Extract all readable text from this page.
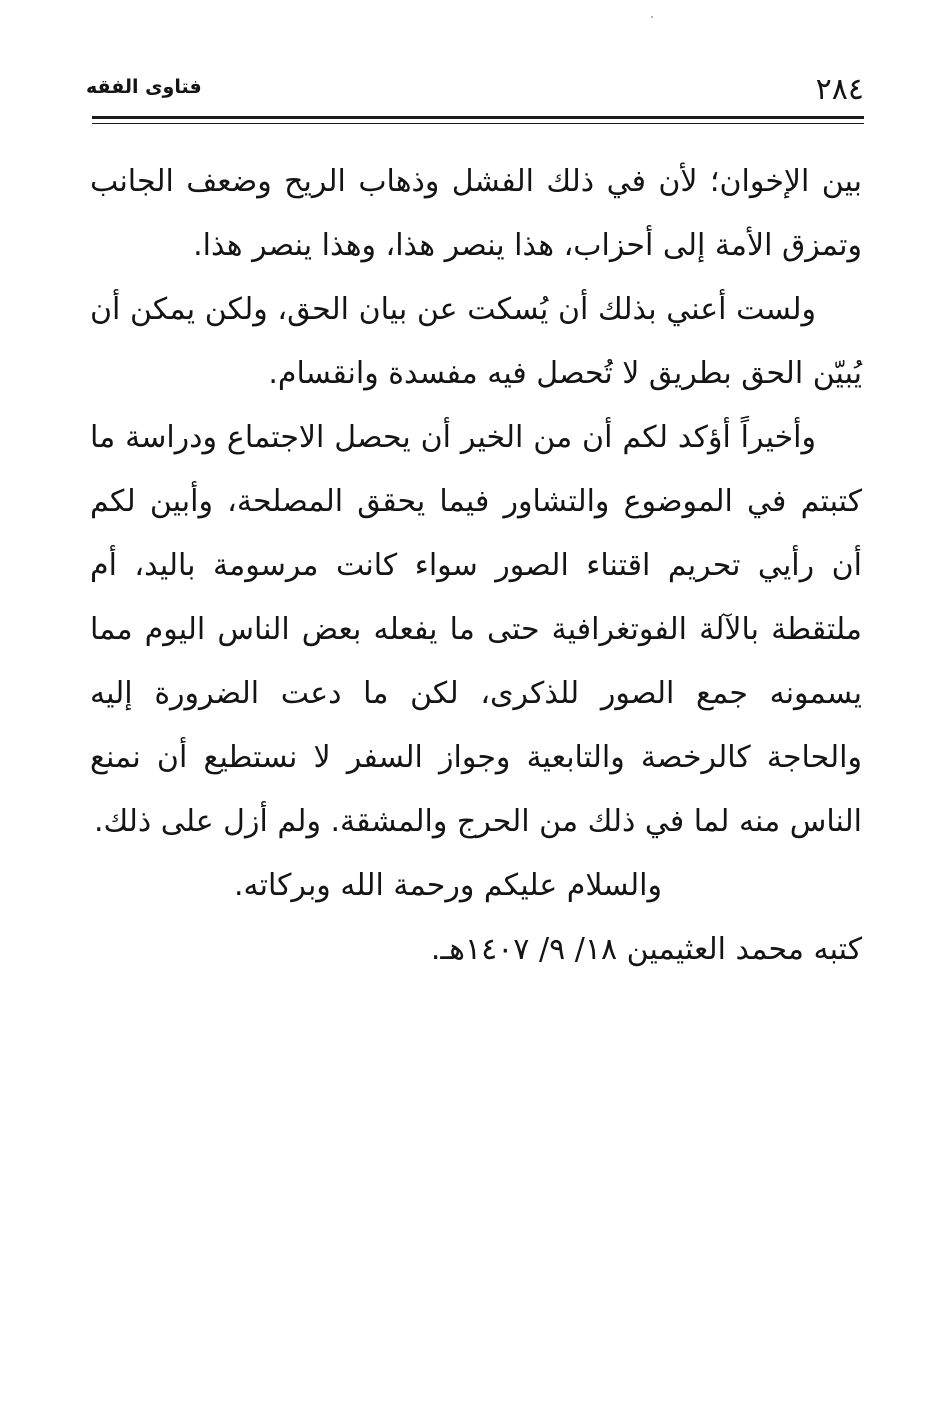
فتاوى الفقه	٢٨٤

بين الإخوان؛ لأن في ذلك الفشل وذهاب الريح وضعف الجانب وتمزق الأمة إلى أحزاب، هذا ينصر هذا، وهذا ينصر هذا.

ولست أعني بذلك أن يُسكت عن بيان الحق، ولكن يمكن أن يُبيّن الحق بطريق لا تُحصل فيه مفسدة وانقسام.

وأخيراً أؤكد لكم أن من الخير أن يحصل الاجتماع ودراسة ما كتبتم في الموضوع والتشاور فيما يحقق المصلحة، وأبين لكم أن رأيي تحريم اقتناء الصور سواء كانت مرسومة باليد، أم ملتقطة بالآلة الفوتغرافية حتى ما يفعله بعض الناس اليوم مما يسمونه جمع الصور للذكرى، لكن ما دعت الضرورة إليه والحاجة كالرخصة والتابعية وجواز السفر لا نستطيع أن نمنع الناس منه لما في ذلك من الحرج والمشقة. ولم أزل على ذلك.

والسلام عليكم ورحمة الله وبركاته.

كتبه محمد العثيمين ١٨/ ٩/ ١٤٠٧هـ.
